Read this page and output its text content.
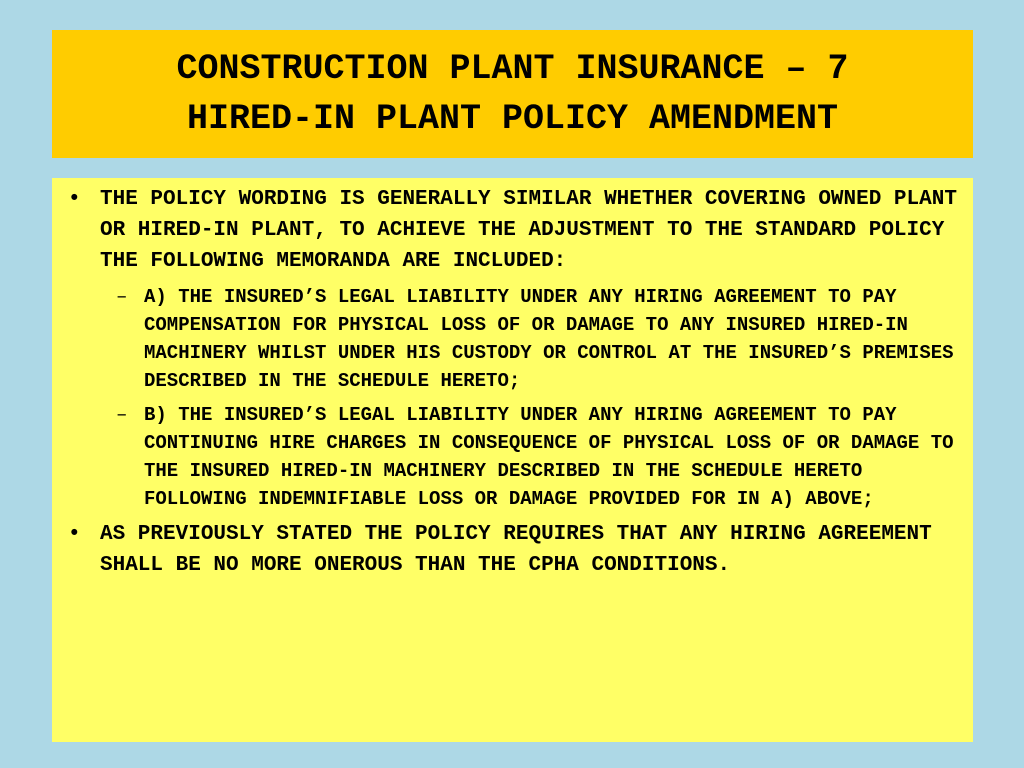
CONSTRUCTION PLANT INSURANCE – 7
HIRED-IN PLANT POLICY AMENDMENT
• THE POLICY WORDING IS GENERALLY SIMILAR WHETHER COVERING OWNED PLANT OR HIRED-IN PLANT, TO ACHIEVE THE ADJUSTMENT TO THE STANDARD POLICY THE FOLLOWING MEMORANDA ARE INCLUDED:
– A) THE INSURED’S LEGAL LIABILITY UNDER ANY HIRING AGREEMENT TO PAY COMPENSATION FOR PHYSICAL LOSS OF OR DAMAGE TO ANY INSURED HIRED-IN MACHINERY WHILST UNDER HIS CUSTODY OR CONTROL AT THE INSURED’S PREMISES DESCRIBED IN THE SCHEDULE HERETO;
– B) THE INSURED’S LEGAL LIABILITY UNDER ANY HIRING AGREEMENT TO PAY CONTINUING HIRE CHARGES IN CONSEQUENCE OF PHYSICAL LOSS OF OR DAMAGE TO THE INSURED HIRED-IN MACHINERY DESCRIBED IN THE SCHEDULE HERETO FOLLOWING INDEMNIFIABLE LOSS OR DAMAGE PROVIDED FOR IN A) ABOVE;
• AS PREVIOUSLY STATED THE POLICY REQUIRES THAT ANY HIRING AGREEMENT SHALL BE NO MORE ONEROUS THAN THE CPHA CONDITIONS.
